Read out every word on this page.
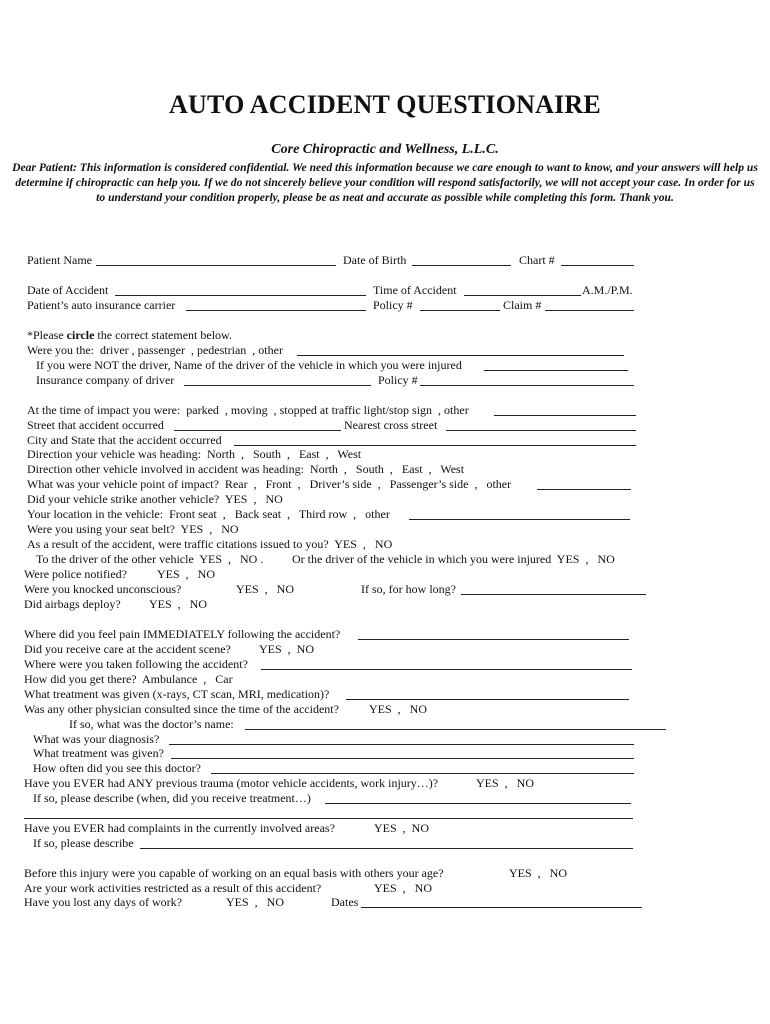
AUTO ACCIDENT QUESTIONAIRE
Core Chiropractic and Wellness, L.L.C.
Dear Patient: This information is considered confidential. We need this information because we care enough to want to know, and your answers will help us determine if chiropractic can help you. If we do not sincerely believe your condition will respond satisfactorily, we will not accept your case. In order for us to understand your condition properly, please be as neat and accurate as possible while completing this form. Thank you.

Patient Name

	Date of Birth

	Chart #

Date of Accident

	Time of Accident

	A.M./P.M.

Patient’s auto insurance carrier

	Policy #

	Claim #

*Please circle the correct statement below.

Were you the:  driver , passenger  , pedestrian  , other

If you were NOT the driver, Name of the driver of the vehicle in which you were injured

Insurance company of driver

	Policy #

At the time of impact you were:  parked  , moving  , stopped at traffic light/stop sign  , other

Street that accident occurred

	Nearest cross street

City and State that the accident occurred

Direction your vehicle was heading:  North  ,   South  ,   East  ,   West

Direction other vehicle involved in accident was heading:  North  ,   South  ,   East  ,   West

What was your vehicle point of impact?  Rear  ,   Front  ,   Driver’s side  ,   Passenger’s side  ,   other

Did your vehicle strike another vehicle?  YES  ,   NO

Your location in the vehicle:  Front seat  ,   Back seat  ,   Third row  ,   other

Were you using your seat belt?  YES  ,   NO

As a result of the accident, were traffic citations issued to you?  YES  ,   NO

To the driver of the other vehicle  YES  ,   NO .

Or the driver of the vehicle in which you were injured  YES  ,   NO

Were police notified?

	YES  ,   NO

Were you knocked unconscious?

	YES  ,   NO

	If so, for how long?

Did airbags deploy?

YES  ,   NO

Where did you feel pain IMMEDIATELY following the accident?

Did you receive care at the accident scene?

YES  ,  NO

Where were you taken following the accident?

How did you get there?  Ambulance  ,   Car

What treatment was given (x-rays, CT scan, MRI, medication)?

Was any other physician consulted since the time of the accident?

	YES  ,   NO

If so, what was the doctor’s name:

What was your diagnosis?

What treatment was given?

How often did you see this doctor?

Have you EVER had ANY previous trauma (motor vehicle accidents, work injury…)?

	YES  ,   NO

If so, please describe (when, did you receive treatment…)

Have you EVER had complaints in the currently involved areas?

	YES  ,  NO

If so, please describe

Before this injury were you capable of working on an equal basis with others your age?

	YES  ,   NO

Are your work activities restricted as a result of this accident?

	YES  ,   NO

Have you lost any days of work?

	YES  ,   NO

	Dates
